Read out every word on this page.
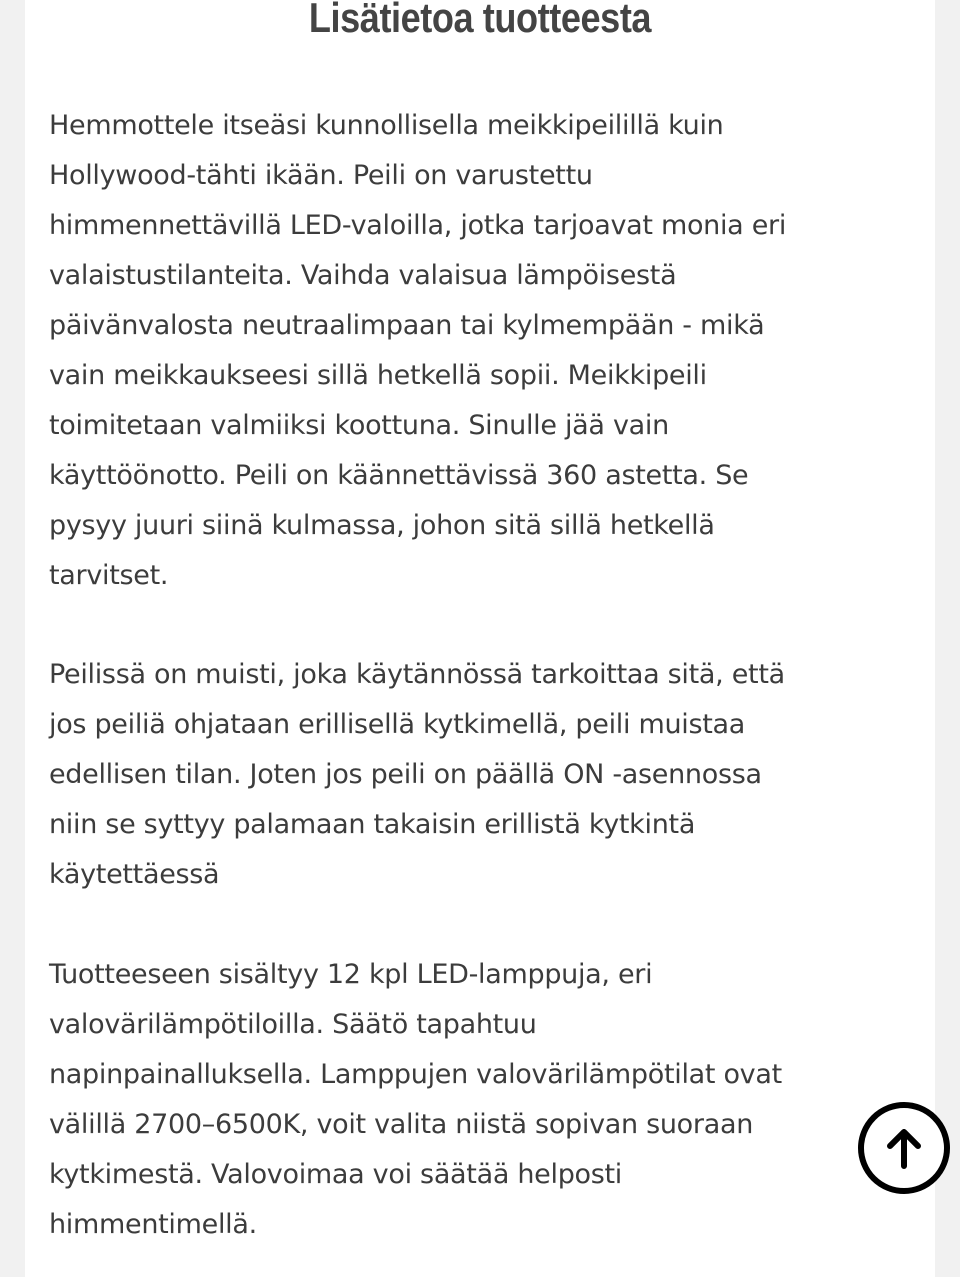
Lisätietoa tuotteesta
Hemmottele itseäsi kunnollisella meikkipeilillä kuin
Hollywood-tähti ikään. Peili on varustettu
himmennettävillä LED-valoilla, jotka tarjoavat monia eri
valaistustilanteita. Vaihda valaisua lämpöisestä
päivänvalosta neutraalimpaan tai kylmempään - mikä
vain meikkaukseesi sillä hetkellä sopii. Meikkipeili
toimitetaan valmiiksi koottuna. Sinulle jää vain
käyttöönotto. Peili on käännettävissä 360 astetta. Se
pysyy juuri siinä kulmassa, johon sitä sillä hetkellä
tarvitset.
Peilissä on muisti, joka käytännössä tarkoittaa sitä, että
jos peiliä ohjataan erillisellä kytkimellä, peili muistaa
edellisen tilan. Joten jos peili on päällä ON -asennossa
niin se syttyy palamaan takaisin erillistä kytkintä
käytettäessä
Tuotteeseen sisältyy 12 kpl LED-lamppuja, eri
valovärilämpötiloilla. Säätö tapahtuu
napinpainalluksella. Lamppujen valovärilämpötilat ovat
välillä 2700–6500K, voit valita niistä sopivan suoraan
kytkimestä. Valovoimaa voi säätää helposti
himmentimellä.
